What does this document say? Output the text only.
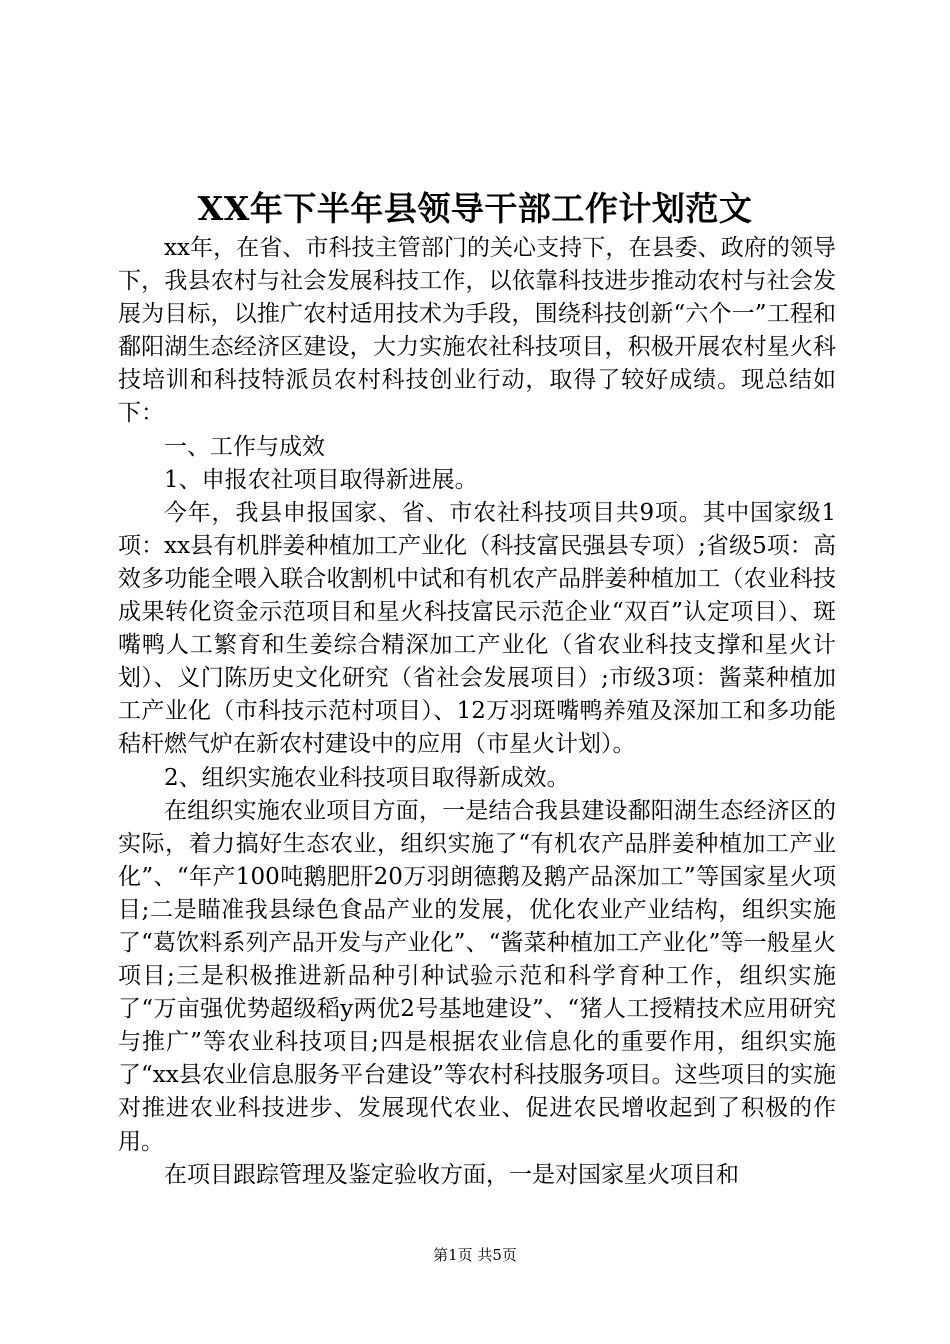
XX年下半年县领导干部工作计划范文

xx年，在省、市科技主管部门的关心支持下，在县委、政府的领导下，我县农村与社会发展科技工作，以依靠科技进步推动农村与社会发展为目标，以推广农村适用技术为手段，围绕科技创新“六个一”工程和鄱阳湖生态经济区建设，大力实施农社科技项目，积极开展农村星火科技培训和科技特派员农村科技创业行动，取得了较好成绩。现总结如下：

一、工作与成效

1、申报农社项目取得新进展。

今年，我县申报国家、省、市农社科技项目共9项。其中国家级1项：xx县有机胖姜种植加工产业化（科技富民强县专项）;省级5项：高效多功能全喂入联合收割机中试和有机农产品胖姜种植加工（农业科技成果转化资金示范项目和星火科技富民示范企业“双百”认定项目）、斑嘴鸭人工繁育和生姜综合精深加工产业化（省农业科技支撑和星火计划）、义门陈历史文化研究（省社会发展项目）;市级3项：酱菜种植加工产业化（市科技示范村项目）、12万羽斑嘴鸭养殖及深加工和多功能秸杆燃气炉在新农村建设中的应用（市星火计划）。

2、组织实施农业科技项目取得新成效。

在组织实施农业项目方面，一是结合我县建设鄱阳湖生态经济区的实际，着力搞好生态农业，组织实施了“有机农产品胖姜种植加工产业化”、“年产100吨鹅肥肝20万羽朗德鹅及鹅产品深加工”等国家星火项目;二是瞄准我县绿色食品产业的发展，优化农业产业结构，组织实施了“葛饮料系列产品开发与产业化”、“酱菜种植加工产业化”等一般星火项目;三是积极推进新品种引种试验示范和科学育种工作，组织实施了“万亩强优势超级稻y两优2号基地建设”、“猪人工授精技术应用研究与推广”等农业科技项目;四是根据农业信息化的重要作用，组织实施了“xx县农业信息服务平台建设”等农村科技服务项目。这些项目的实施对推进农业科技进步、发展现代农业、促进农民增收起到了积极的作用。

在项目跟踪管理及鉴定验收方面，一是对国家星火项目和

第1页 共5页
